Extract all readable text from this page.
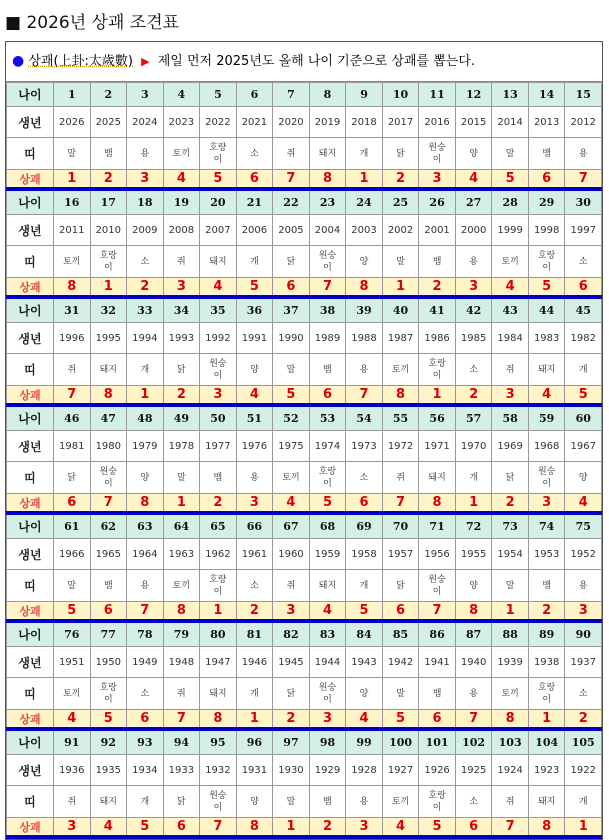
■ 2026년 상괘 조견표
● 상괘(上卦:太歲數) ▶ 제일 먼저 2025년도 올해 나이 기준으로 상괘를 뽑는다.
나이	1	2	3	4	5	6	7	8	9	10	11	12	13	14	15
생년	2026	2025	2024	2023	2022	2021	2020	2019	2018	2017	2016	2015	2014	2013	2012
띠	말	뱀	용	토끼	호랑이	소	쥐	돼지	개	닭	원숭이	양	말	뱀	용
상괘	1	2	3	4	5	6	7	8	1	2	3	4	5	6	7
나이	16	17	18	19	20	21	22	23	24	25	26	27	28	29	30
생년	2011	2010	2009	2008	2007	2006	2005	2004	2003	2002	2001	2000	1999	1998	1997
띠	토끼	호랑이	소	쥐	돼지	개	닭	원숭이	양	말	뱀	용	토끼	호랑이	소
상괘	8	1	2	3	4	5	6	7	8	1	2	3	4	5	6
나이	31	32	33	34	35	36	37	38	39	40	41	42	43	44	45
생년	1996	1995	1994	1993	1992	1991	1990	1989	1988	1987	1986	1985	1984	1983	1982
띠	쥐	돼지	개	닭	원숭이	양	말	뱀	용	토끼	호랑이	소	쥐	돼지	개
상괘	7	8	1	2	3	4	5	6	7	8	1	2	3	4	5
나이	46	47	48	49	50	51	52	53	54	55	56	57	58	59	60
생년	1981	1980	1979	1978	1977	1976	1975	1974	1973	1972	1971	1970	1969	1968	1967
띠	닭	원숭이	양	말	뱀	용	토끼	호랑이	소	쥐	돼지	개	닭	원숭이	양
상괘	6	7	8	1	2	3	4	5	6	7	8	1	2	3	4
나이	61	62	63	64	65	66	67	68	69	70	71	72	73	74	75
생년	1966	1965	1964	1963	1962	1961	1960	1959	1958	1957	1956	1955	1954	1953	1952
띠	말	뱀	용	토끼	호랑이	소	쥐	돼지	개	닭	원숭이	양	말	뱀	용
상괘	5	6	7	8	1	2	3	4	5	6	7	8	1	2	3
나이	76	77	78	79	80	81	82	83	84	85	86	87	88	89	90
생년	1951	1950	1949	1948	1947	1946	1945	1944	1943	1942	1941	1940	1939	1938	1937
띠	토끼	호랑이	소	쥐	돼지	개	닭	원숭이	양	말	뱀	용	토끼	호랑이	소
상괘	4	5	6	7	8	1	2	3	4	5	6	7	8	1	2
나이	91	92	93	94	95	96	97	98	99	100	101	102	103	104	105
생년	1936	1935	1934	1933	1932	1931	1930	1929	1928	1927	1926	1925	1924	1923	1922
띠	쥐	돼지	개	닭	원숭이	양	말	뱀	용	토끼	호랑이	소	쥐	돼지	개
상괘	3	4	5	6	7	8	1	2	3	4	5	6	7	8	1
